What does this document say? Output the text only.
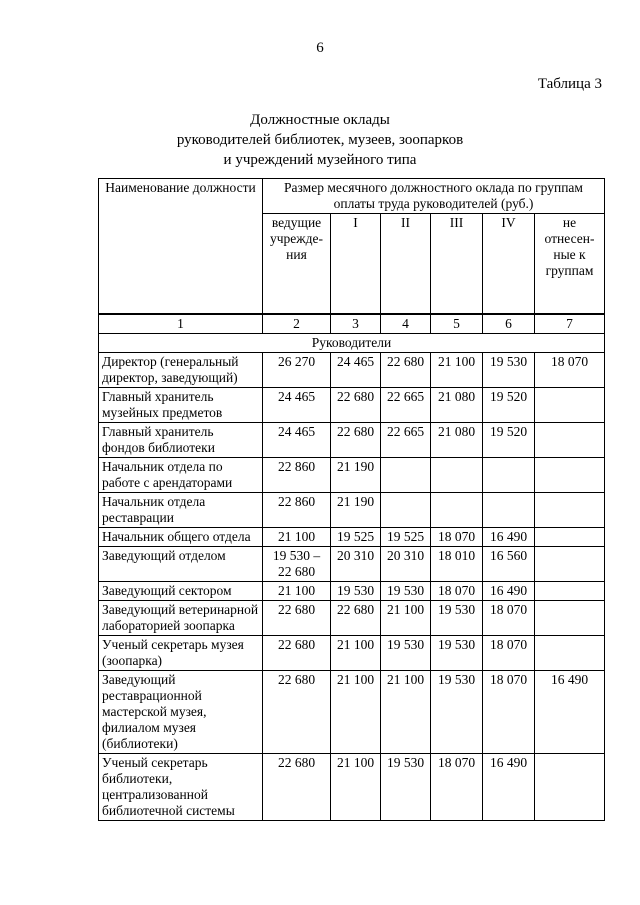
6
Таблица 3
Должностные оклады
руководителей библиотек, музеев, зоопарков
и учреждений музейного типа
Наименование должности	Размер месячного должностного оклада по группам оплаты труда руководителей (руб.)					
	ведущие учрежде-ния	I	II	III	IV	не отнесен-ные к группам
1	2	3	4	5	6	7
Руководители						
Директор (генеральный директор, заведующий)	26 270	24 465	22 680	21 100	19 530	18 070
Главный хранитель музейных предметов	24 465	22 680	22 665	21 080	19 520	
Главный хранитель фондов библиотеки	24 465	22 680	22 665	21 080	19 520	
Начальник отдела по работе с арендаторами	22 860	21 190				
Начальник отдела реставрации	22 860	21 190				
Начальник общего отдела	21 100	19 525	19 525	18 070	16 490	
Заведующий отделом	19 530 – 22 680	20 310	20 310	18 010	16 560	
Заведующий сектором	21 100	19 530	19 530	18 070	16 490	
Заведующий ветеринарной лабораторией зоопарка	22 680	22 680	21 100	19 530	18 070	
Ученый секретарь музея (зоопарка)	22 680	21 100	19 530	19 530	18 070	
Заведующий реставрационной мастерской музея, филиалом музея (библиотеки)	22 680	21 100	21 100	19 530	18 070	16 490
Ученый секретарь библиотеки, централизованной библиотечной системы	22 680	21 100	19 530	18 070	16 490	
